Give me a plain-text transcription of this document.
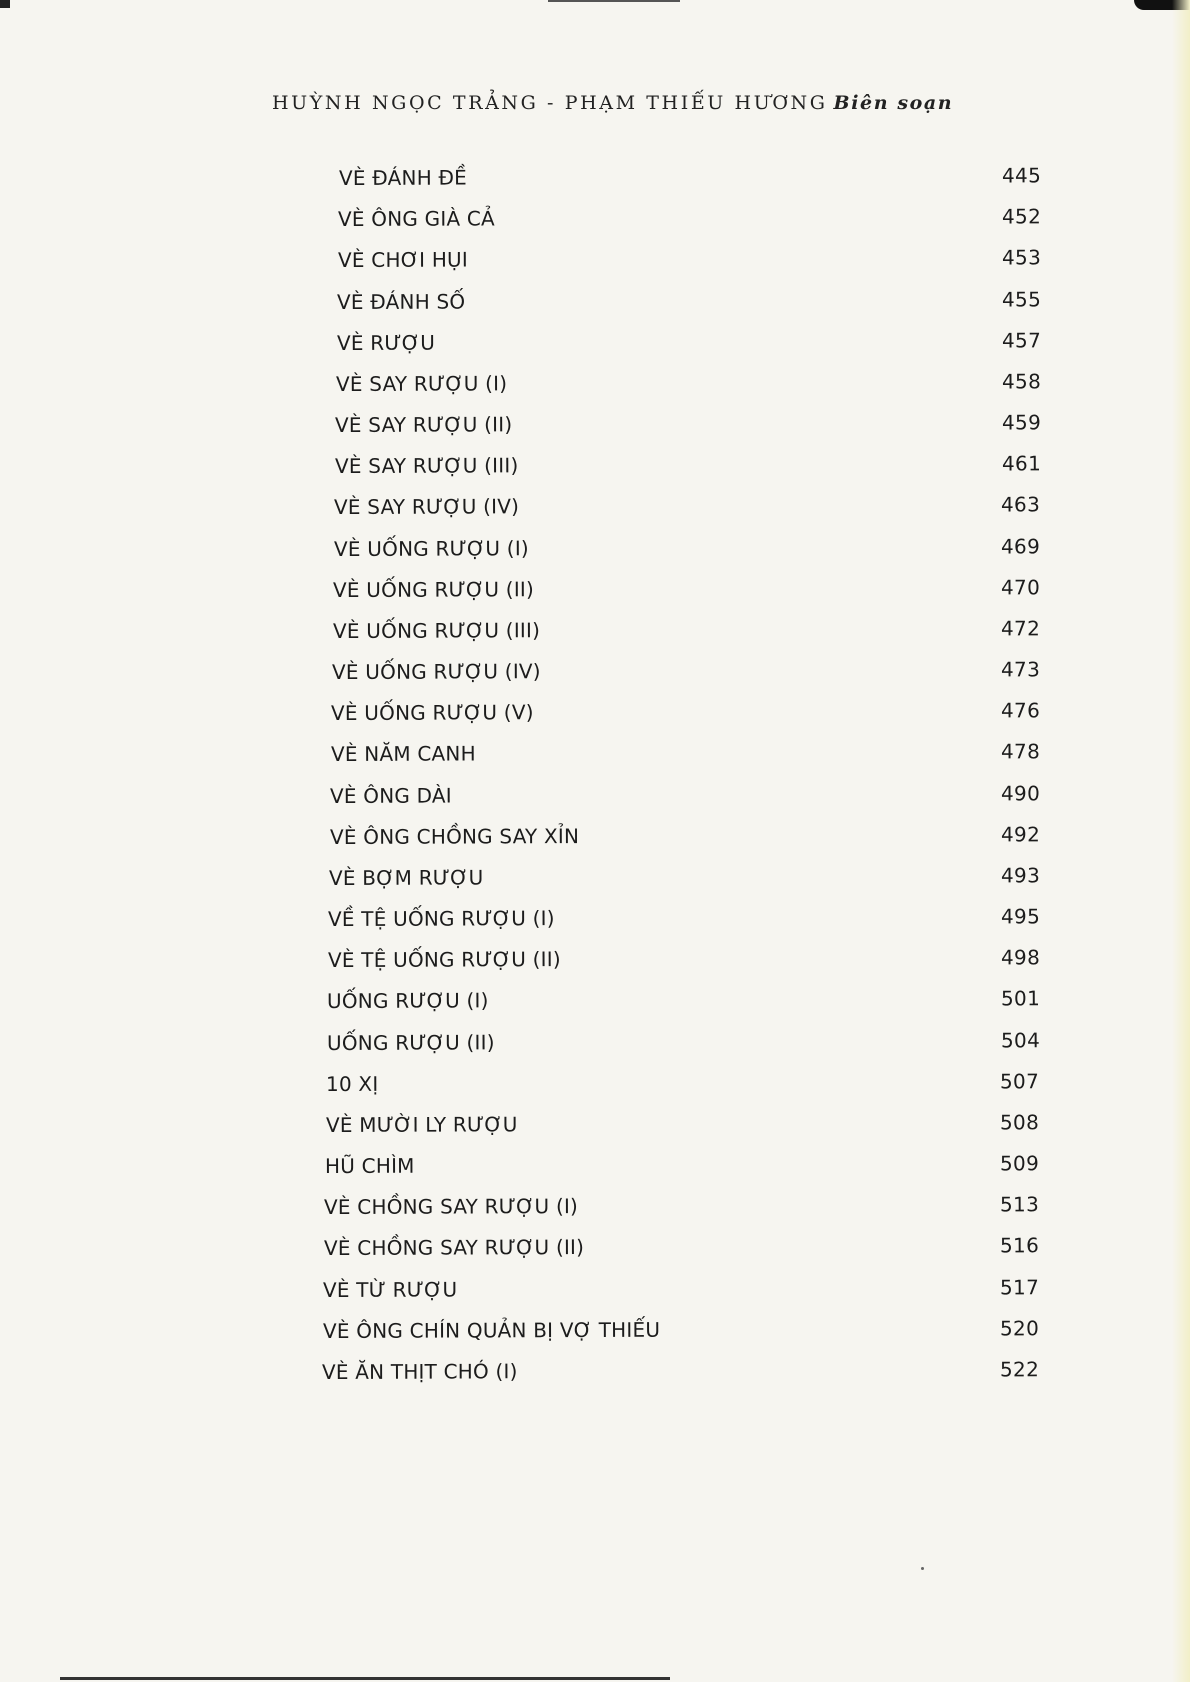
HUỲNH NGỌC TRẢNG - PHẠM THIẾU HƯƠNG Biên soạn
VÈ ĐÁNH ĐỀ	445
VÈ ÔNG GIÀ CẢ	452
VÈ CHƠI HỤI	453
VÈ ĐÁNH SỐ	455
VÈ RƯỢU	457
VÈ SAY RƯỢU (I)	458
VÈ SAY RƯỢU (II)	459
VÈ SAY RƯỢU (III)	461
VÈ SAY RƯỢU (IV)	463
VÈ UỐNG RƯỢU (I)	469
VÈ UỐNG RƯỢU (II)	470
VÈ UỐNG RƯỢU (III)	472
VÈ UỐNG RƯỢU (IV)	473
VÈ UỐNG RƯỢU (V)	476
VÈ NĂM CANH	478
VÈ ÔNG DÀI	490
VÈ ÔNG CHỒNG SAY XỈN	492
VÈ BỢM RƯỢU	493
VỀ TỆ UỐNG RƯỢU (I)	495
VÈ TỆ UỐNG RƯỢU (II)	498
UỐNG RƯỢU (I)	501
UỐNG RƯỢU (II)	504
10 XỊ	507
VÈ MƯỜI LY RƯỢU	508
HŨ CHÌM	509
VÈ CHỒNG SAY RƯỢU (I)	513
VÈ CHỒNG SAY RƯỢU (II)	516
VÈ TỪ RƯỢU	517
VÈ ÔNG CHÍN QUẢN BỊ VỢ THIẾU	520
VÈ ĂN THỊT CHÓ (I)	522
